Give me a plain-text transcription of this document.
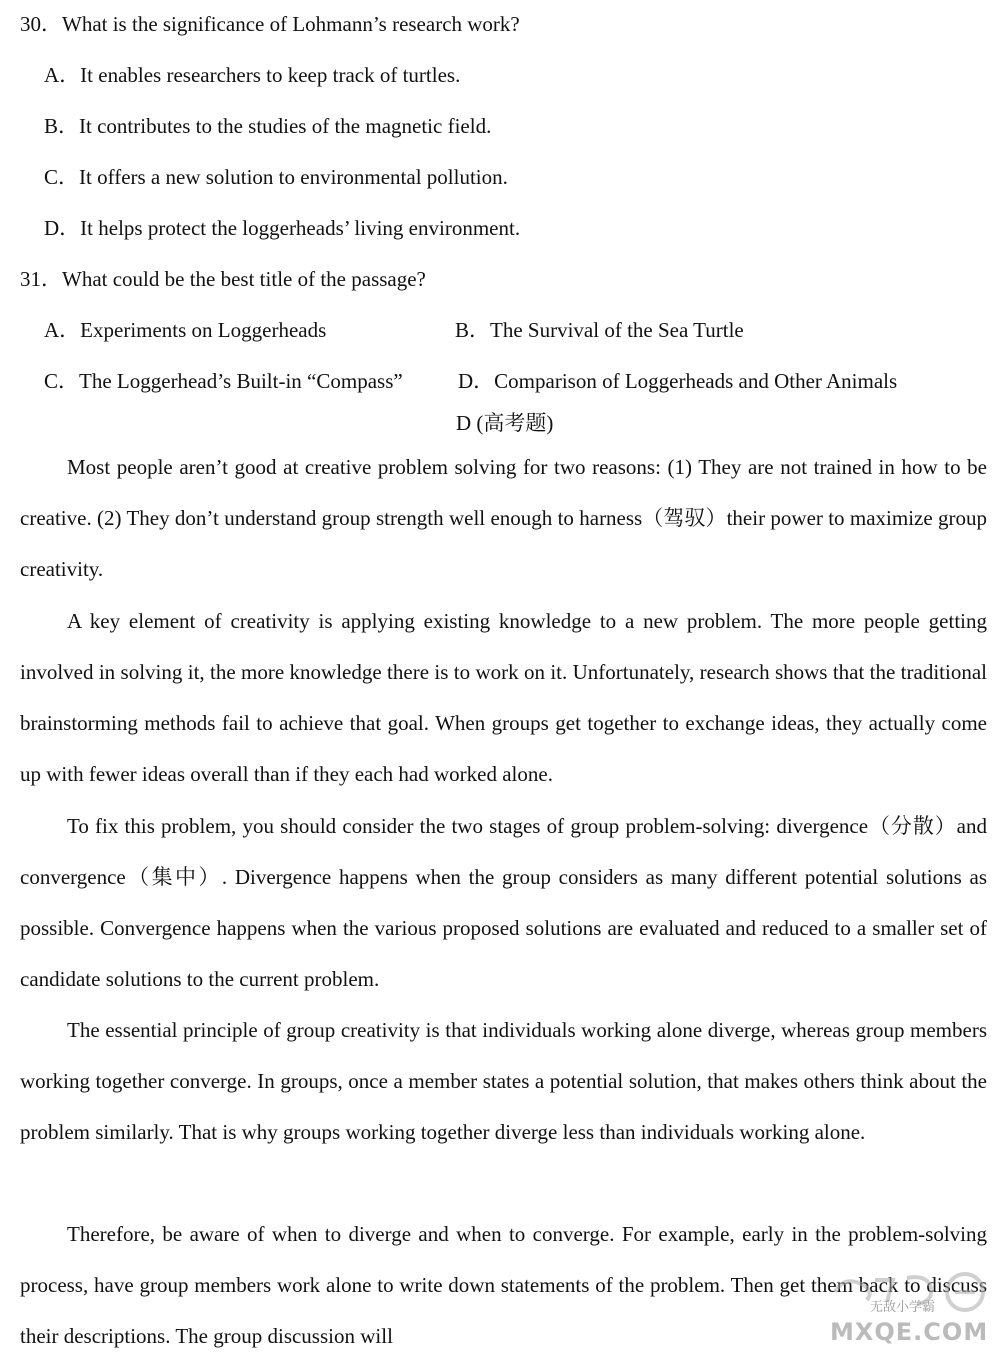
30．What is the significance of Lohmann’s research work?
A．It enables researchers to keep track of turtles.
B．It contributes to the studies of the magnetic field.
C．It offers a new solution to environmental pollution.
D．It helps protect the loggerheads’ living environment.
31．What could be the best title of the passage?
A．Experiments on Loggerheads	B．The Survival of the Sea Turtle
C．The Loggerhead’s Built-in “Compass”	D．Comparison of Loggerheads and Other Animals
D (高考题)

Most people aren’t good at creative problem solving for two reasons: (1) They are not trained in how to be creative. (2) They don’t understand group strength well enough to harness（驾驭）their power to maximize group creativity.

A key element of creativity is applying existing knowledge to a new problem. The more people getting involved in solving it, the more knowledge there is to work on it. Unfortunately, research shows that the traditional brainstorming methods fail to achieve that goal. When groups get together to exchange ideas, they actually come up with fewer ideas overall than if they each had worked alone.

To fix this problem, you should consider the two stages of group problem-solving: divergence（分散）and convergence（集中）. Divergence happens when the group considers as many different potential solutions as possible. Convergence happens when the various proposed solutions are evaluated and reduced to a smaller set of candidate solutions to the current problem.

The essential principle of group creativity is that individuals working alone diverge, whereas group members working together converge. In groups, once a member states a potential solution, that makes others think about the problem similarly. That is why groups working together diverge less than individuals working alone.

Therefore, be aware of when to diverge and when to converge. For example, early in the problem-solving process, have group members work alone to write down statements of the problem. Then get them back to discuss their descriptions. The group discussion will	MXQE.COM
无敌小学霸
